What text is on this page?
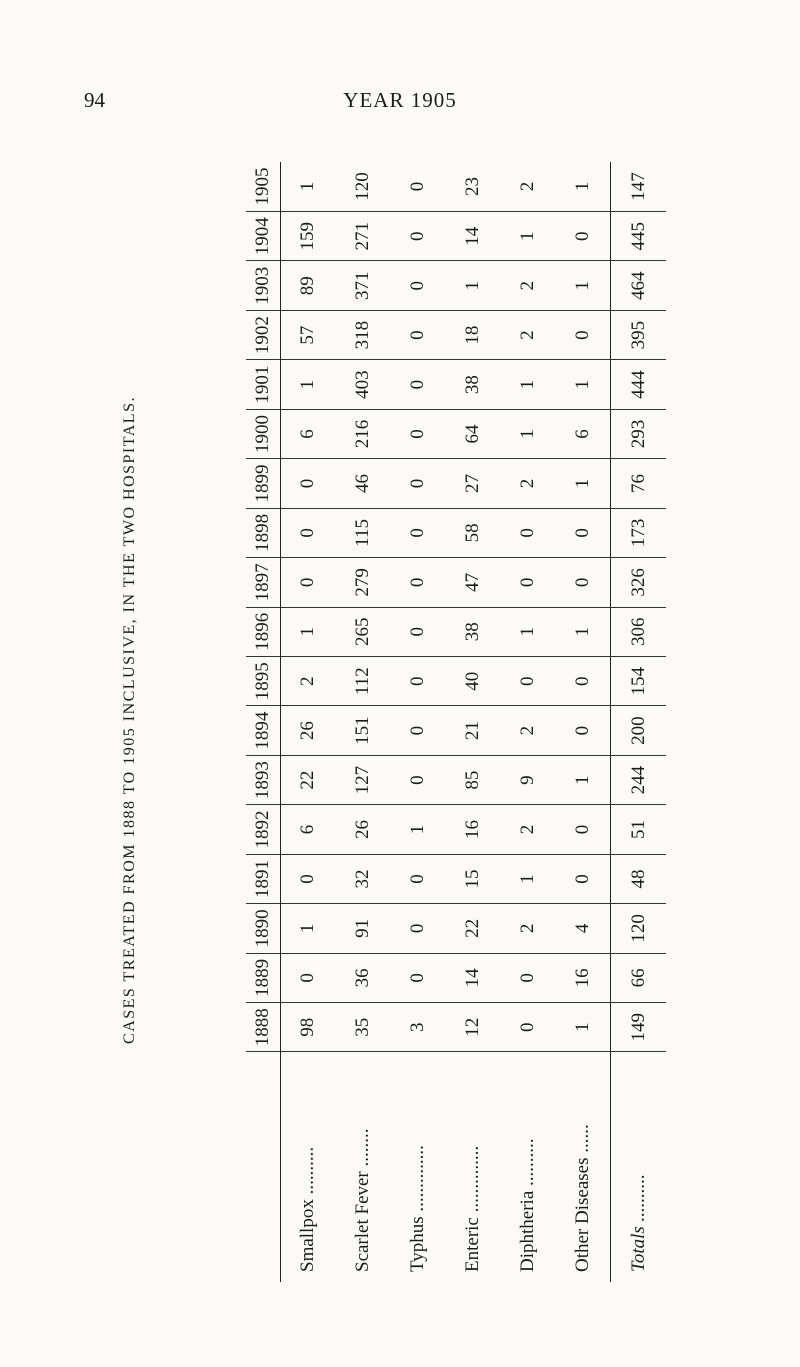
94	YEAR 1905
CASES TREATED FROM 1888 TO 1905 INCLUSIVE, IN THE TWO HOSPITALS.
		1888	1889	1890	1891	1892	1893	1894	1895	1896	1897	1898	1899	1900	1901	1902	1903	1904	1905
Smallpox ..........	98	0	1	0	6	22	26	2	1	0	0	0	6	1	57	89	159	1
Scarlet Fever ........	35	36	91	32	26	127	151	112	265	279	115	46	216	403	318	371	271	120
Typhus ..............	3	0	0	0	1	0	0	0	0	0	0	0	0	0	0	0	0	0
Enteric ..............	12	14	22	15	16	85	21	40	38	47	58	27	64	38	18	1	14	23
Diphtheria ..........	0	0	2	1	2	9	2	0	1	0	0	2	1	1	2	2	1	2
Other Diseases ......	1	16	4	0	0	1	0	0	1	0	0	1	6	1	0	1	0	1
Totals ..........	149	66	120	48	51	244	200	154	306	326	173	76	293	444	395	464	445	147
